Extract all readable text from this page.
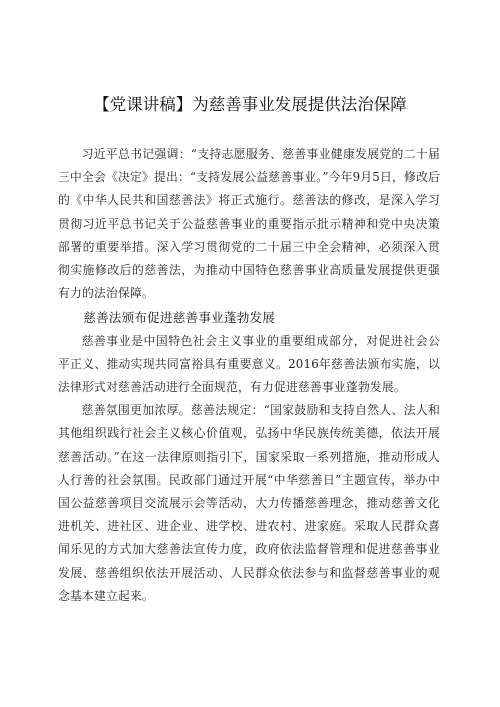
【党课讲稿】为慈善事业发展提供法治保障

习近平总书记强调：“支持志愿服务、慈善事业健康发展党的二十届三中全会《决定》提出：“支持发展公益慈善事业。”今年9月5日，修改后的《中华人民共和国慈善法》将正式施行。慈善法的修改，是深入学习贯彻习近平总书记关于公益慈善事业的重要指示批示精神和党中央决策部署的重要举措。深入学习贯彻党的二十届三中全会精神，必须深入贯彻实施修改后的慈善法，为推动中国特色慈善事业高质量发展提供更强有力的法治保障。

慈善法颁布促进慈善事业蓬勃发展

慈善事业是中国特色社会主义事业的重要组成部分，对促进社会公平正义、推动实现共同富裕具有重要意义。2016年慈善法颁布实施，以法律形式对慈善活动进行全面规范，有力促进慈善事业蓬勃发展。

慈善氛围更加浓厚。慈善法规定：“国家鼓励和支持自然人、法人和其他组织践行社会主义核心价值观，弘扬中华民族传统美德，依法开展慈善活动。”在这一法律原则指引下，国家采取一系列措施，推动形成人人行善的社会氛围。民政部门通过开展“中华慈善日”主题宣传，举办中国公益慈善项目交流展示会等活动，大力传播慈善理念，推动慈善文化进机关、进社区、进企业、进学校、进农村、进家庭。采取人民群众喜闻乐见的方式加大慈善法宣传力度，政府依法监督管理和促进慈善事业发展、慈善组织依法开展活动、人民群众依法参与和监督慈善事业的观念基本建立起来。
